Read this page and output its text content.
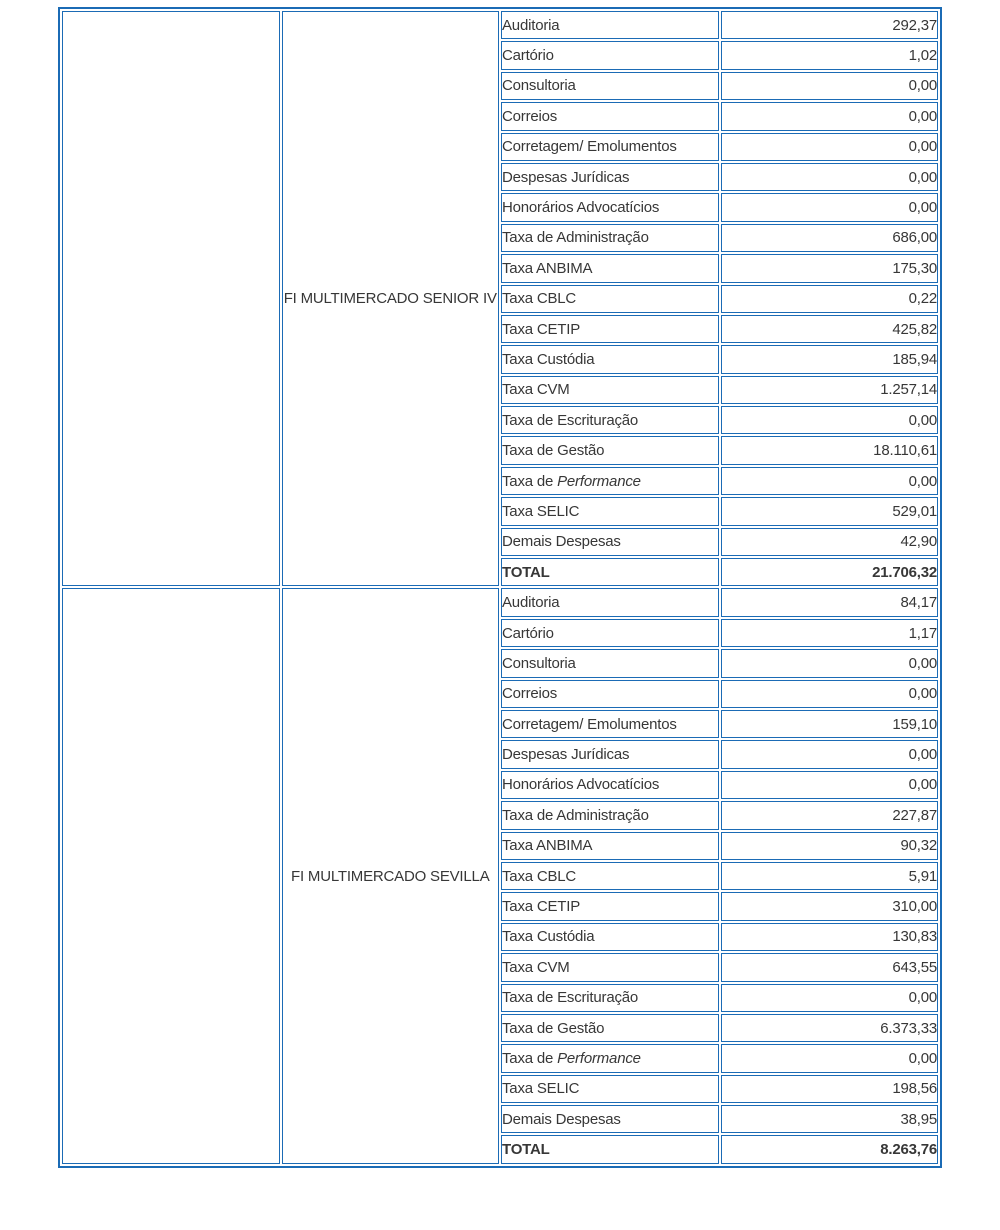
	FI MULTIMERCADO SENIOR IV	Auditoria	292,37
		Cartório	1,02
		Consultoria	0,00
		Correios	0,00
		Corretagem/ Emolumentos	0,00
		Despesas Jurídicas	0,00
		Honorários Advocatícios	0,00
		Taxa de Administração	686,00
		Taxa ANBIMA	175,30
		Taxa CBLC	0,22
		Taxa CETIP	425,82
		Taxa Custódia	185,94
		Taxa CVM	1.257,14
		Taxa de Escrituração	0,00
		Taxa de Gestão	18.110,61
		Taxa de Performance	0,00
		Taxa SELIC	529,01
		Demais Despesas	42,90
		TOTAL	21.706,32
	FI MULTIMERCADO SEVILLA	Auditoria	84,17
		Cartório	1,17
		Consultoria	0,00
		Correios	0,00
		Corretagem/ Emolumentos	159,10
		Despesas Jurídicas	0,00
		Honorários Advocatícios	0,00
		Taxa de Administração	227,87
		Taxa ANBIMA	90,32
		Taxa CBLC	5,91
		Taxa CETIP	310,00
		Taxa Custódia	130,83
		Taxa CVM	643,55
		Taxa de Escrituração	0,00
		Taxa de Gestão	6.373,33
		Taxa de Performance	0,00
		Taxa SELIC	198,56
		Demais Despesas	38,95
		TOTAL	8.263,76
